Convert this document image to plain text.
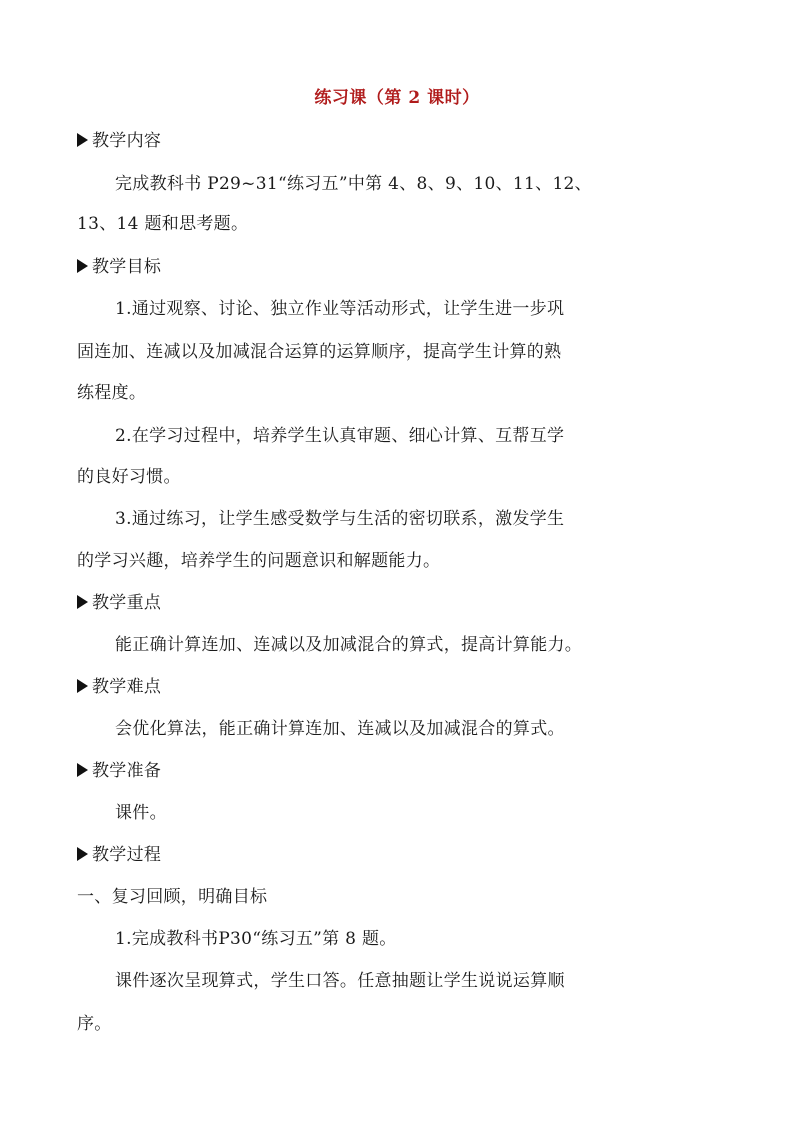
练习课（第 2 课时）
教学内容
完成教科书 P29~31“练习五”中第 4、8、9、10、11、12、
13、14 题和思考题。
教学目标
1.通过观察、讨论、独立作业等活动形式，让学生进一步巩
固连加、连减以及加减混合运算的运算顺序，提高学生计算的熟
练程度。
2.在学习过程中，培养学生认真审题、细心计算、互帮互学
的良好习惯。
3.通过练习，让学生感受数学与生活的密切联系，激发学生
的学习兴趣，培养学生的问题意识和解题能力。
教学重点
能正确计算连加、连减以及加减混合的算式，提高计算能力。
教学难点
会优化算法，能正确计算连加、连减以及加减混合的算式。
教学准备
课件。
教学过程
一、复习回顾，明确目标
1.完成教科书P30“练习五”第 8 题。
课件逐次呈现算式，学生口答。任意抽题让学生说说运算顺
序。
